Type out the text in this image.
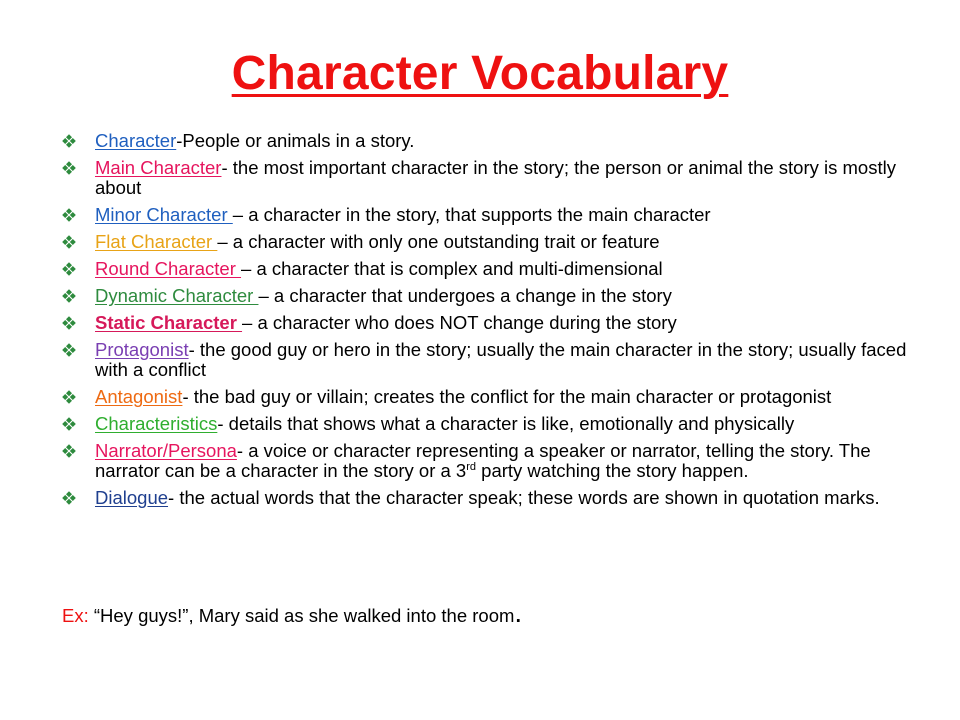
Character Vocabulary
Character-People or animals in a story.
Main Character- the most important character in the story; the person or animal the story is mostly about
Minor Character – a character in the story, that supports the main character
Flat Character – a character with only one outstanding trait or feature
Round Character – a character that is complex and multi-dimensional
Dynamic Character – a character that undergoes a change in the story
Static Character – a character who does NOT change during the story
Protagonist- the good guy or hero in the story; usually the main character in the story; usually faced with a conflict
Antagonist- the bad guy or villain; creates the conflict for the main character or protagonist
Characteristics- details that shows what a character is like, emotionally and physically
Narrator/Persona- a voice or character representing a speaker or narrator, telling the story. The narrator can be a character in the story or a 3rd party watching the story happen.
Dialogue- the actual words that the character speak; these words are shown in quotation marks.
Ex: “Hey guys!”, Mary said as she walked into the room.
